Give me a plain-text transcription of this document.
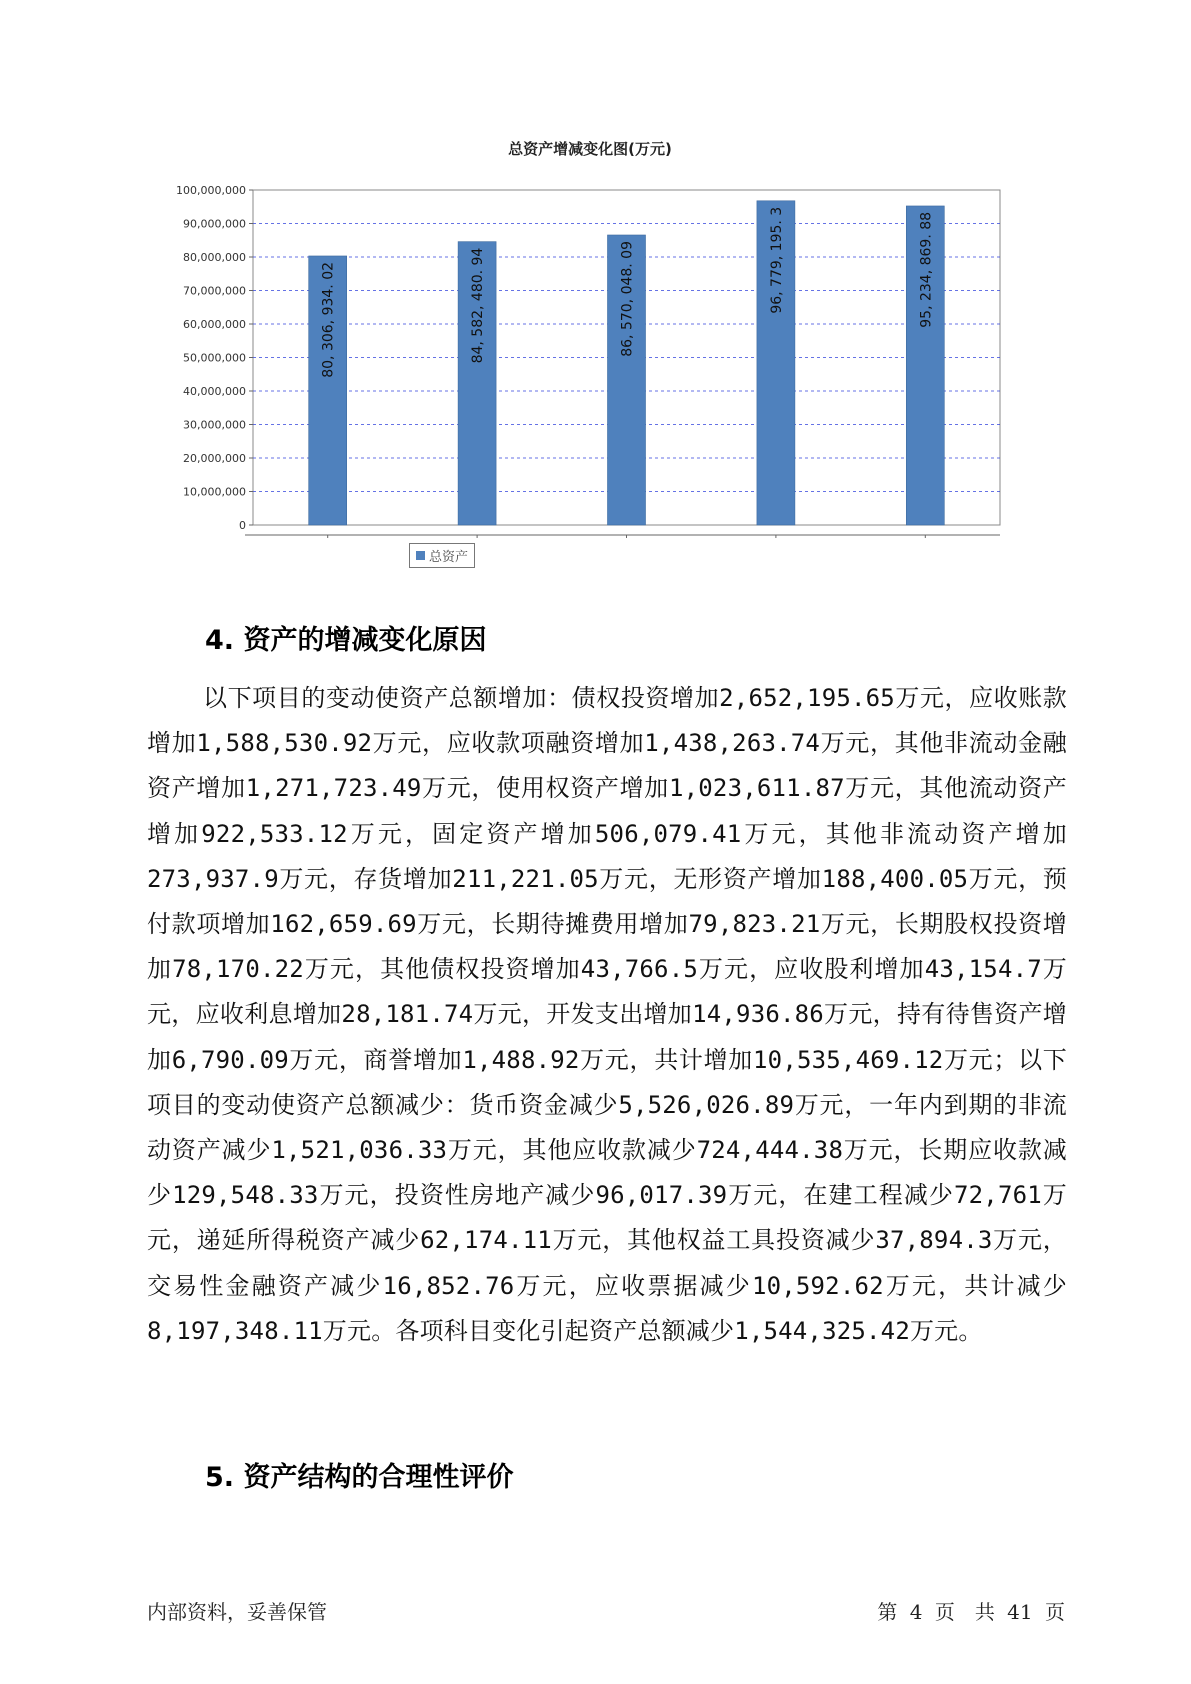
总资产增减变化图(万元)
0
10,000,000
20,000,000
30,000,000
40,000,000
50,000,000
60,000,000
70,000,000
80,000,000
90,000,000
100,000,000
80, 306, 934. 02	84, 582, 480. 94	86, 570, 048. 09	96, 779, 195. 3	95, 234, 869. 88
总资产
4. 资产的增减变化原因
以下项目的变动使资产总额增加：债权投资增加2,652,195.65万元，应收账款增加1,588,530.92万元，应收款项融资增加1,438,263.74万元，其他非流动金融资产增加1,271,723.49万元，使用权资产增加1,023,611.87万元，其他流动资产增加922,533.12万元，固定资产增加506,079.41万元，其他非流动资产增加273,937.9万元，存货增加211,221.05万元，无形资产增加188,400.05万元，预付款项增加162,659.69万元，长期待摊费用增加79,823.21万元，长期股权投资增加78,170.22万元，其他债权投资增加43,766.5万元，应收股利增加43,154.7万元，应收利息增加28,181.74万元，开发支出增加14,936.86万元，持有待售资产增加6,790.09万元，商誉增加1,488.92万元，共计增加10,535,469.12万元；以下项目的变动使资产总额减少：货币资金减少5,526,026.89万元，一年内到期的非流动资产减少1,521,036.33万元，其他应收款减少724,444.38万元，长期应收款减少129,548.33万元，投资性房地产减少96,017.39万元，在建工程减少72,761万元，递延所得税资产减少62,174.11万元，其他权益工具投资减少37,894.3万元，交易性金融资产减少16,852.76万元，应收票据减少10,592.62万元，共计减少8,197,348.11万元。各项科目变化引起资产总额减少1,544,325.42万元。
5. 资产结构的合理性评价
内部资料，妥善保管	第 4 页　共 41 页
